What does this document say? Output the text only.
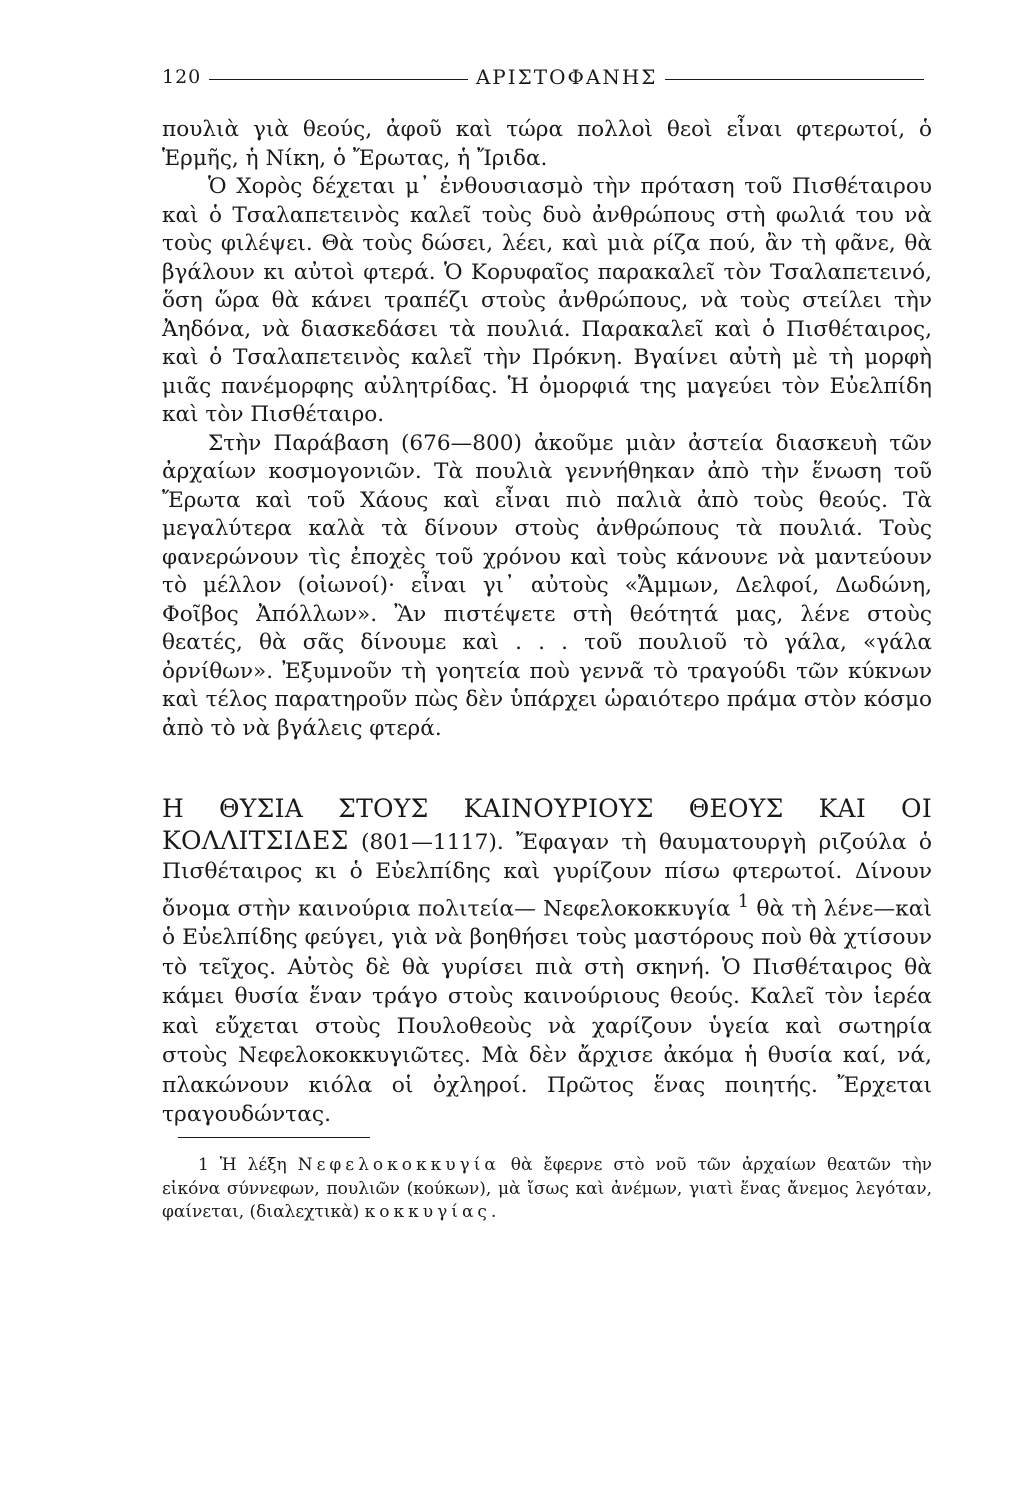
120	ΑΡΙΣΤΟΦΑΝΗΣ

πουλιὰ γιὰ θεούς, ἀφοῦ καὶ τώρα πολλοὶ θεοὶ εἶναι φτερωτοί, ὁ Ἑρμῆς, ἡ Νίκη, ὁ Ἔρωτας, ἡ Ἴριδα.

Ὁ Χορὸς δέχεται μ᾿ ἐνθουσιασμὸ τὴν πρόταση τοῦ Πισθέταιρου καὶ ὁ Τσαλαπετεινὸς καλεῖ τοὺς δυὸ ἀνθρώπους στὴ φωλιά του νὰ τοὺς φιλέψει. Θὰ τοὺς δώσει, λέει, καὶ μιὰ ρίζα πού, ἂν τὴ φᾶνε, θὰ βγάλουν κι αὐτοὶ φτερά. Ὁ Κορυφαῖος παρακαλεῖ τὸν Τσαλαπετεινό, ὅση ὥρα θὰ κάνει τραπέζι στοὺς ἀνθρώπους, νὰ τοὺς στείλει τὴν Ἀηδόνα, νὰ διασκεδάσει τὰ πουλιά. Παρακαλεῖ καὶ ὁ Πισθέταιρος, καὶ ὁ Τσαλαπετεινὸς καλεῖ τὴν Πρόκνη. Βγαίνει αὐτὴ μὲ τὴ μορφὴ μιᾶς πανέμορφης αὐλητρίδας. Ἡ ὀμορφιά της μαγεύει τὸν Εὐελπίδη καὶ τὸν Πισθέταιρο.

Στὴν Παράβαση (676—800) ἀκοῦμε μιὰν ἀστεία διασκευὴ τῶν ἀρχαίων κοσμογονιῶν. Τὰ πουλιὰ γεννήθηκαν ἀπὸ τὴν ἕνωση τοῦ Ἔρωτα καὶ τοῦ Χάους καὶ εἶναι πιὸ παλιὰ ἀπὸ τοὺς θεούς. Τὰ μεγαλύτερα καλὰ τὰ δίνουν στοὺς ἀνθρώπους τὰ πουλιά. Τοὺς φανερώνουν τὶς ἐποχὲς τοῦ χρόνου καὶ τοὺς κάνουνε νὰ μαντεύουν τὸ μέλλον (οἰωνοί)· εἶναι γι᾿ αὐτοὺς «Ἄμμων, Δελφοί, Δωδώνη, Φοῖβος Ἀπόλλων». Ἂν πιστέψετε στὴ θεότητά μας, λένε στοὺς θεατές, θὰ σᾶς δίνουμε καὶ . . . τοῦ πουλιοῦ τὸ γάλα, «γάλα ὀρνίθων». Ἐξυμνοῦν τὴ γοητεία ποὺ γεννᾶ τὸ τραγούδι τῶν κύκνων καὶ τέλος παρατηροῦν πὼς δὲν ὑπάρχει ὡραιότερο πράμα στὸν κόσμο ἀπὸ τὸ νὰ βγάλεις φτερά.

Η ΘΥΣΙΑ ΣΤΟΥΣ ΚΑΙΝΟΥΡΙΟΥΣ ΘΕΟΥΣ ΚΑΙ ΟΙ ΚΟΛΛΙΤΣΙΔΕΣ (801—1117). Ἔφαγαν τὴ θαυματουργὴ ριζούλα ὁ Πισθέταιρος κι ὁ Εὐελπίδης καὶ γυρίζουν πίσω φτερωτοί. Δίνουν ὄνομα στὴν καινούρια πολιτεία— Νεφελοκοκκυγία $^1$ θὰ τὴ λένε—καὶ ὁ Εὐελπίδης φεύγει, γιὰ νὰ βοηθήσει τοὺς μαστόρους ποὺ θὰ χτίσουν τὸ τεῖχος. Αὐτὸς δὲ θὰ γυρίσει πιὰ στὴ σκηνή. Ὁ Πισθέταιρος θὰ κάμει θυσία ἕναν τράγο στοὺς καινούριους θεούς. Καλεῖ τὸν ἱερέα καὶ εὔχεται στοὺς Πουλοθεοὺς νὰ χαρίζουν ὑγεία καὶ σωτηρία στοὺς Νεφελοκοκκυγιῶτες. Μὰ δὲν ἄρχισε ἀκόμα ἡ θυσία καί, νά, πλακώνουν κιόλα οἱ ὀχληροί. Πρῶτος ἕνας ποιητής. Ἔρχεται τραγουδώντας.

1 Ἡ λέξη Νεφελοκοκκυγία θὰ ἔφερνε στὸ νοῦ τῶν ἀρχαίων θεατῶν τὴν εἰκόνα σύννεφων, πουλιῶν (κούκων), μὰ ἴσως καὶ ἀνέμων, γιατὶ ἕνας ἄνεμος λεγόταν, φαίνεται, (διαλεχτικὰ) κοκκυγίας.
